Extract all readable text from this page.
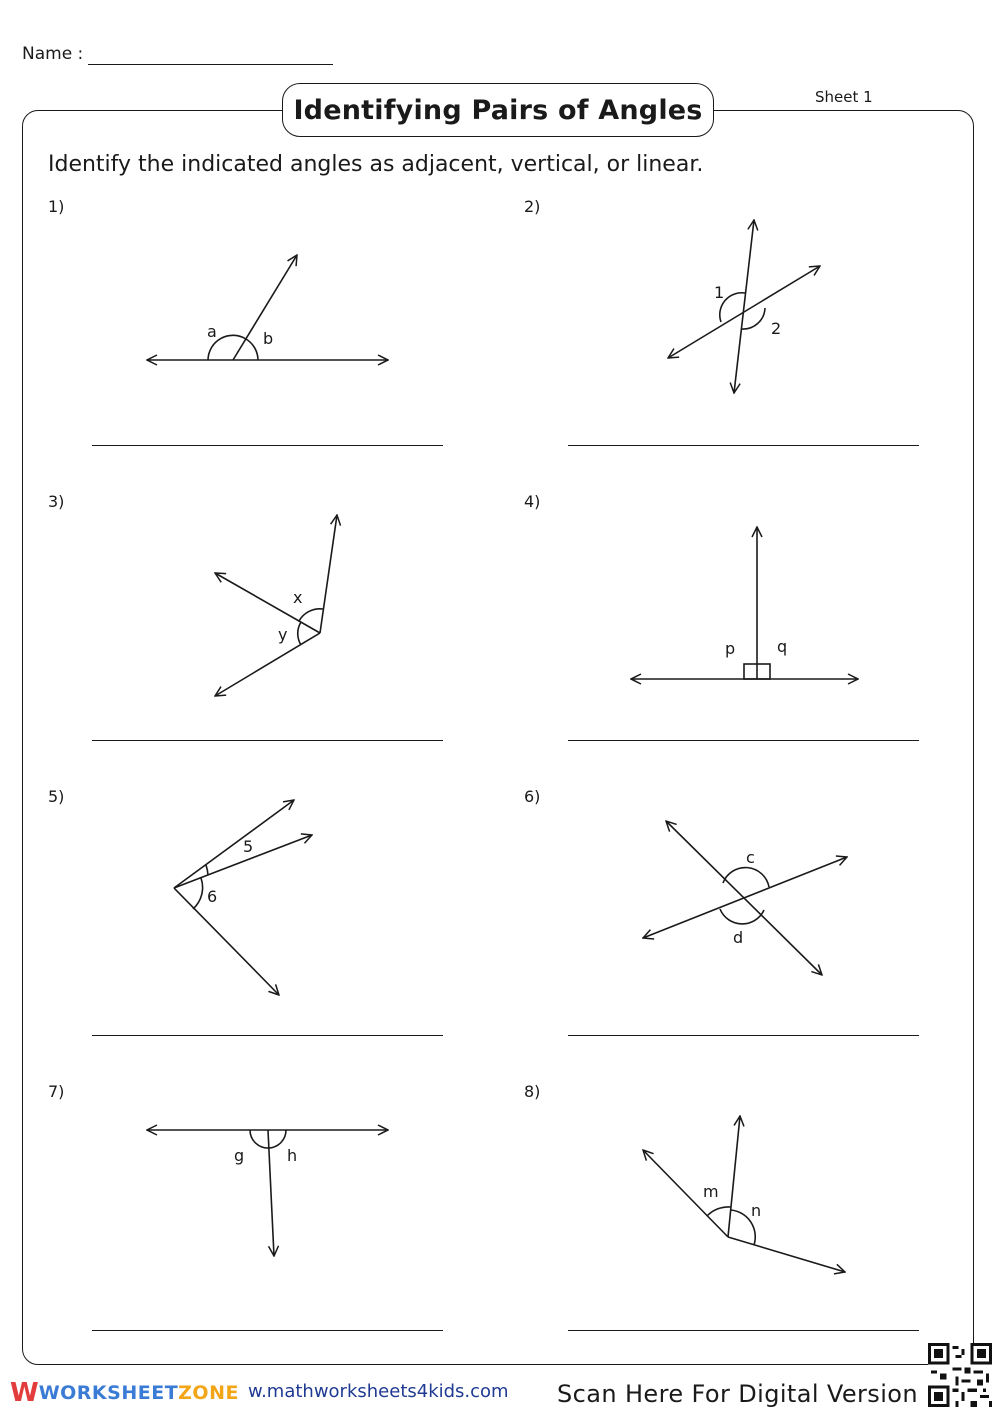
Name :
Sheet 1
Identifying Pairs of Angles
Identify the indicated angles as adjacent, vertical, or linear.
1)	2)
3)	4)
5)	6)
7)	8)
a	b
1
2
x
y
p	q
5
6
c
d
g	h
m
n
W WORKSHEET ZONE w.mathworksheets4kids.com Scan Here For Digital Version
